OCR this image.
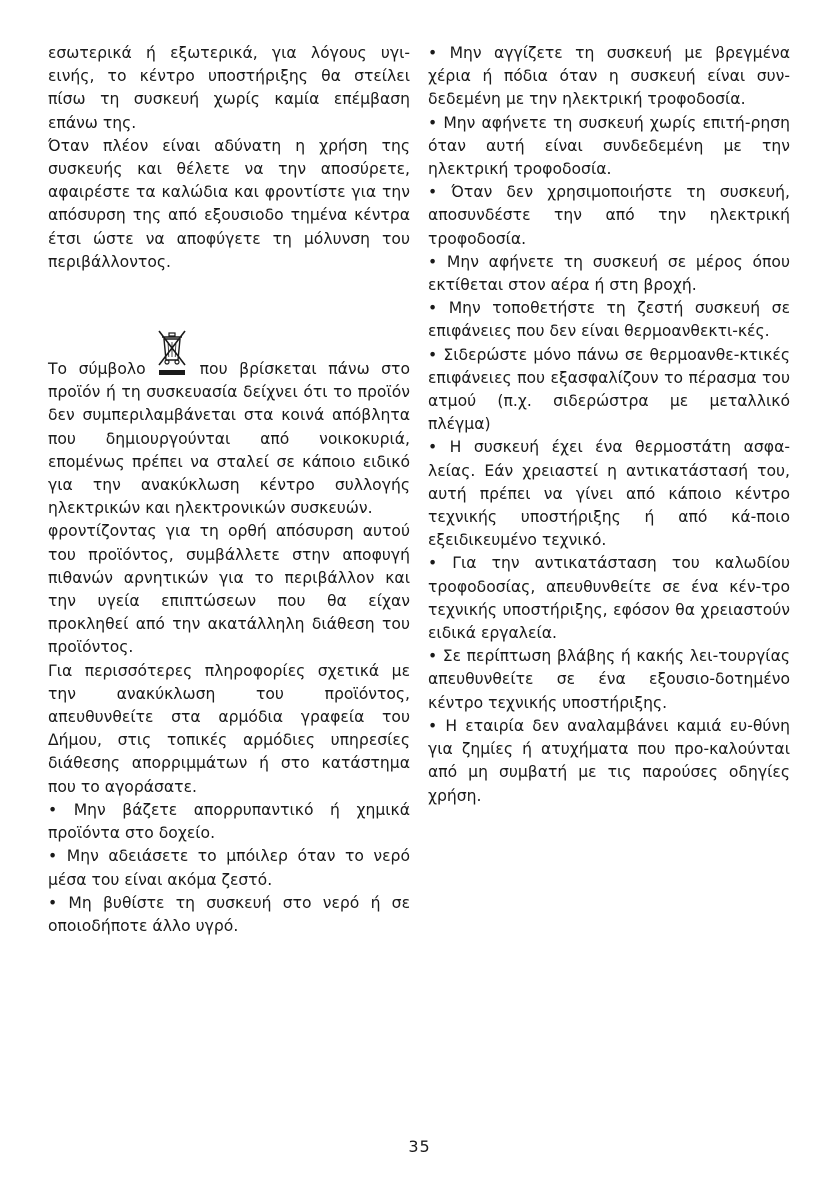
εσωτερικά ή εξωτερικά, για λόγους υγι-εινής, το κέντρο υποστήριξης θα στείλει πίσω τη συσκευή χωρίς καμία επέμβαση επάνω της.

Όταν πλέον είναι αδύνατη η χρήση της συσκευής και θέλετε να την αποσύρετε, αφαιρέστε τα καλώδια και φροντίστε για την απόσυρση της από εξουσιοδο τημένα κέντρα έτσι ώστε να αποφύγετε τη μόλυνση του περιβάλλοντος.

Το σύμβολο	που βρίσκεται πάνω στο προϊόν ή τη συσκευασία δείχνει ότι το προϊόν δεν συμπεριλαμβάνεται στα κοινά απόβλητα που δημιουργούνται από νοικοκυριά, επομένως πρέπει να σταλεί σε κάποιο ειδικό για την ανακύκλωση κέντρο συλλογής ηλεκτρικών και ηλεκτρονικών συσκευών.

φροντίζοντας για τη ορθή απόσυρση αυτού του προϊόντος, συμβάλλετε στην αποφυγή πιθανών αρνητικών για το περιβάλλον και την υγεία επιπτώσεων που θα είχαν προκληθεί από την ακατάλληλη διάθεση του προϊόντος.

Για περισσότερες πληροφορίες σχετικά με την ανακύκλωση του προϊόντος, απευθυνθείτε στα αρμόδια γραφεία του Δήμου, στις τοπικές αρμόδιες υπηρεσίες διάθεσης απορριμμάτων ή στο κατάστημα που το αγοράσατε.

• Μην βάζετε απορρυπαντικό ή χημικά προϊόντα στο δοχείο.

• Μην αδειάσετε το μπόιλερ όταν το νερό μέσα του είναι ακόμα ζεστό.

• Μη βυθίστε τη συσκευή στο νερό ή σε οποιοδήποτε άλλο υγρό.

• Μην αγγίζετε τη συσκευή με βρεγμένα χέρια ή πόδια όταν η συσκευή είναι συν-δεδεμένη με την ηλεκτρική τροφοδοσία.

• Μην αφήνετε τη συσκευή χωρίς επιτή-ρηση όταν αυτή είναι συνδεδεμένη με την ηλεκτρική τροφοδοσία.

• Όταν δεν χρησιμοποιήστε τη συσκευή, αποσυνδέστε την από την ηλεκτρική τροφοδοσία.

• Μην αφήνετε τη συσκευή σε μέρος όπου εκτίθεται στον αέρα ή στη βροχή.

• Μην τοποθετήστε τη ζεστή συσκευή σε επιφάνειες που δεν είναι θερμοανθεκτι-κές.

• Σιδερώστε μόνο πάνω σε θερμοανθε-κτικές επιφάνειες που εξασφαλίζουν το πέρασμα του ατμού (π.χ. σιδερώστρα με μεταλλικό πλέγμα)

• Η συσκευή έχει ένα θερμοστάτη ασφα-λείας. Εάν χρειαστεί η αντικατάστασή του, αυτή πρέπει να γίνει από κάποιο κέντρο τεχνικής υποστήριξης ή από κά-ποιο εξειδικευμένο τεχνικό.

• Για την αντικατάσταση του καλωδίου τροφοδοσίας, απευθυνθείτε σε ένα κέν-τρο τεχνικής υποστήριξης, εφόσον θα χρειαστούν ειδικά εργαλεία.

• Σε περίπτωση βλάβης ή κακής λει-τουργίας απευθυνθείτε σε ένα εξουσιο-δοτημένο κέντρο τεχνικής υποστήριξης.

• Η εταιρία δεν αναλαμβάνει καμιά ευ-θύνη για ζημίες ή ατυχήματα που προ-καλούνται από μη συμβατή με τις παρούσες οδηγίες χρήση.

35
